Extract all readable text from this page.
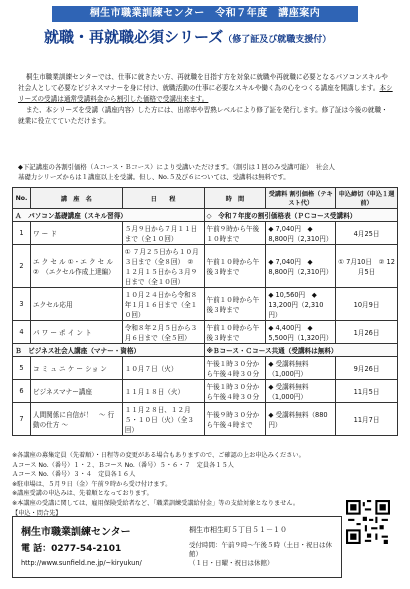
桐生市職業訓練センター　令和７年度　講座案内
就職・再就職必須シリーズ（修了証及び就職支援付）

桐生市職業訓練センターでは、仕事に就きたい方、再就職を目指す方を対象に就職や再就職に必要となるパソコンスキルや社会人として必要なビジネスマナーを身に付け、就職活動の仕事に必要なスキルや働く為の心をつくる講座を開講します。本シリーズの受講は通常受講料金から割引した価格で受講出来ます。

また、本シリーズを受講（講座内容）した方には、出席率や習熟レベルにより修了証を発行します。修了証は今後の就職・就業に役立てていただけます。

◆下記講座の各割引価格（Ａコース・Ｂコース）により受講いただけます。（割引は１回のみ受講可能）　社会人
基礎力シリーズからは１講座以上を受講。但し、No.５及び６については、受講料は無料です。
No.	講　座　名	日　　程	時　間	受講料 割引価格（テキスト代）	申込締切（申込１週前）
Ａ　パソコン基礎講座（スキル習得）			◇　令和７年度の割引価格表（ＰＣコース受講料）		
1	ワ ー ド	５月９日から７月１１日まで（全１０回）	午前９時から午後１０時まで	◆ 7,040円　◆ 8,800円（2,310円）	4月25日
2	エ ク セ ル ①・エ ク セ ル ②　（エクセル作成上達編）	① ７月２５日から１０月３日まで（全８回）　② １２月１５日から３月９日まで（全１０回）	午前１０時から午後３時まで	◆ 7,040円　◆ 8,800円（2,310円）	① 7月10日　② 12月5日
3	エクセル応用	１０月２４日から令和８年１月１６日まで（全１０回）	午前１０時から午後３時まで	◆ 10,560円　◆ 13,200円（2,310円）	10月9日
4	パ ワ ー ポ イ ン ト	令和８年２月５日から３月６日まで（全５回）	午前１０時から午後３時まで	◆ 4,400円　◆ 5,500円（1,320円）	1月26日
Ｂ　ビジネス社会人講座（マナー・資格）			※Ｂコース・Ｃコース共通（受講料は無料）		
5	コ ミ ュ ニ ケ ー ショ ン	１０月７日（火）	午後１時３０分から午後４時３０分	◆ 受講料無料（1,000円）	9月26日
6	ビジネスマナー講座	１１月１８日（火）	午後１時３０分から午後４時３０分	◆ 受講料無料（1,000円）	11月5日
7	人間関係に自信が！　〜 行動の仕方 〜	１１月２８日、１２月５・１０日（火）（全３回）	午後９時３０分から午後４時まで	◆ 受講料無料（880円）	11月7日
※各講座の募集定員（先着順）・日程等の変更がある場合もありますので、ご確認の上お申込みください。
Ａコース No.（番号）１・２、Ｂコース No.（番号）５・６・７　定員各１５人
Ａコース No.（番号）３・４　定員各１６人
※駐車場は、５月９日（金）午前９時から受け付けます。
※講座受講の申込みは、先着順となっております。
※本講座の受講に関しては、雇用保険受給者など、「職業訓練受講給付金」等の支給対象となりません。
【申込・問合先】
桐生市職業訓練センター	桐生市相生町５丁目５１－１０
電 話：0277-54-2101	受付時間：午前９時〜午後５時（土日・祝日は休館）
（１日・日曜・祝日は休館）
http://www.sunfield.ne.jp/~kiryukun/
